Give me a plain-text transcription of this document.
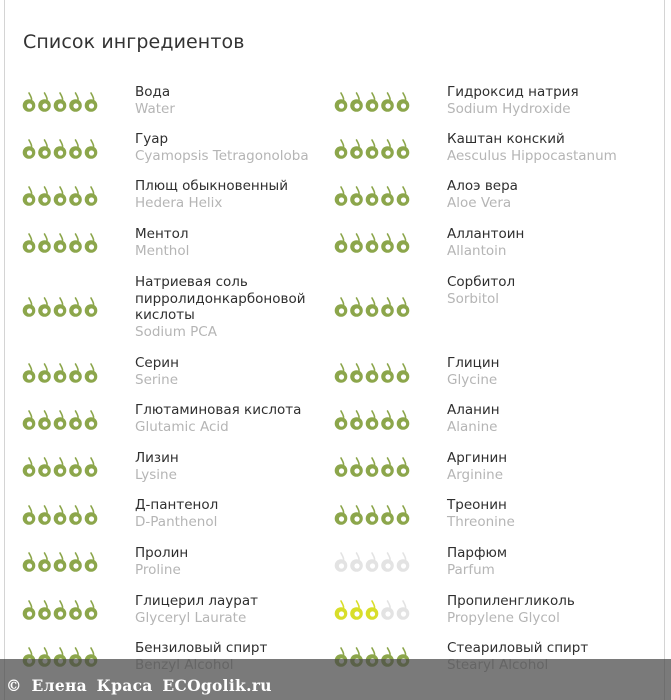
Список ингредиентов
Вода
Water
Гидроксид натрия
Sodium Hydroxide
Гуар
Cyamopsis Tetragonoloba
Каштан конский
Aesculus Hippocastanum
Плющ обыкновенный
Hedera Helix
Алоэ вера
Aloe Vera
Ментол
Menthol
Аллантоин
Allantoin
Натриевая соль пирролидонкарбоновой кислоты
Sodium PCA
Сорбитол
Sorbitol
Серин
Serine
Глицин
Glycine
Глютаминовая кислота
Glutamic Acid
Аланин
Alanine
Лизин
Lysine
Аргинин
Arginine
Д-пантенол
D-Panthenol
Треонин
Threonine
Пролин
Proline
Парфюм
Parfum
Глицерил лаурат
Glyceryl Laurate
Пропиленгликоль
Propylene Glycol
Бензиловый спирт	Стеариловый спирт
© Елена Краса ECOgolik.ru
